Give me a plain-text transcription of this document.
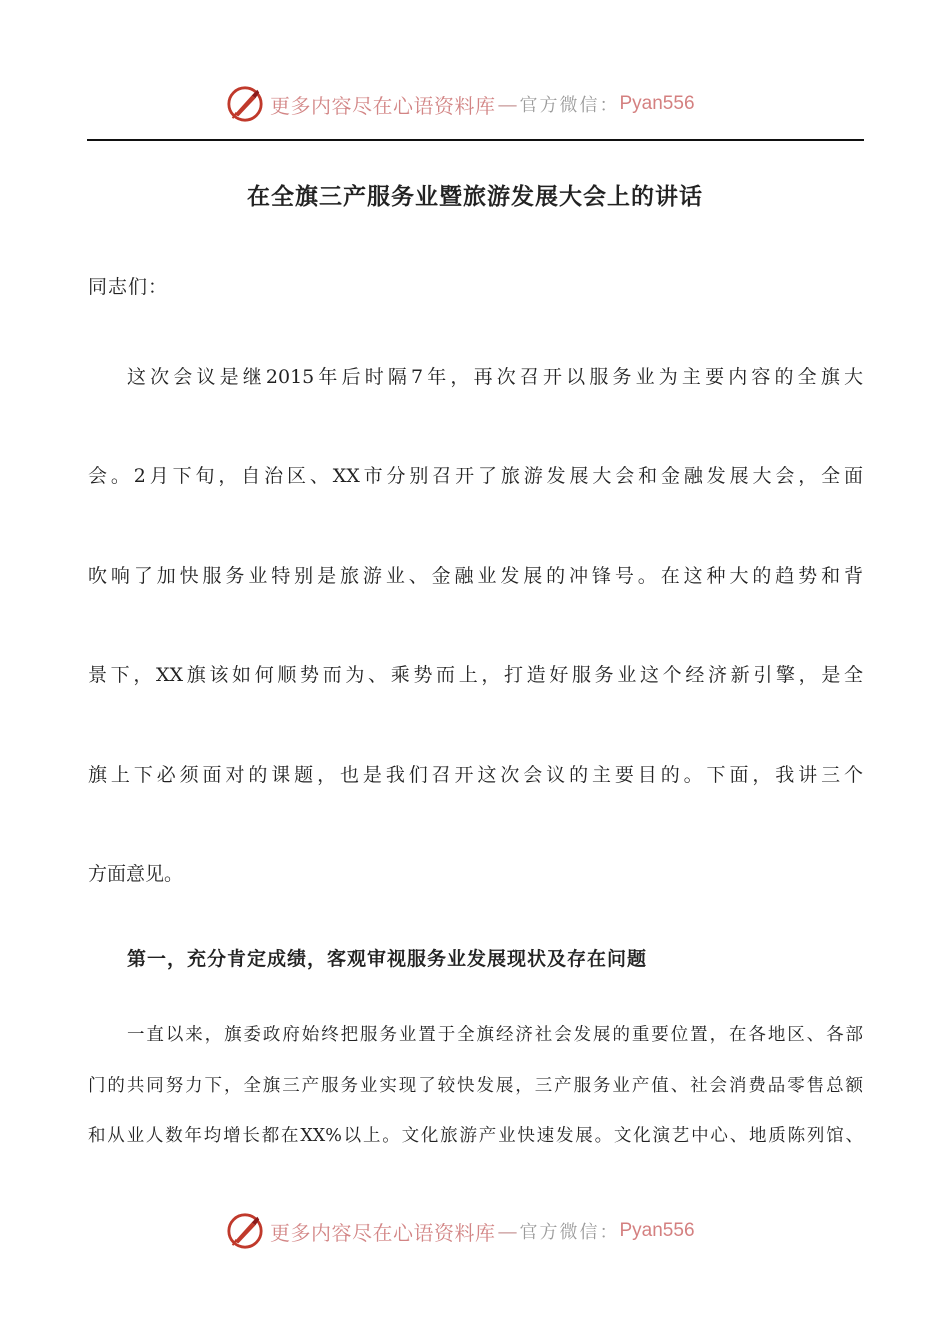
更多内容尽在心语资料库 — 官方微信： Pyan556
在全旗三产服务业暨旅游发展大会上的讲话
同志们：
这次会议是继2015年后时隔7年，再次召开以服务业为主要内容的全旗大
会。2月下旬，自治区、XX市分别召开了旅游发展大会和金融发展大会，全面
吹响了加快服务业特别是旅游业、金融业发展的冲锋号。在这种大的趋势和背
景下，XX旗该如何顺势而为、乘势而上，打造好服务业这个经济新引擎，是全
旗上下必须面对的课题，也是我们召开这次会议的主要目的。下面，我讲三个
方面意见。
第一，充分肯定成绩，客观审视服务业发展现状及存在问题
一直以来，旗委政府始终把服务业置于全旗经济社会发展的重要位置，在各地区、各部
门的共同努力下，全旗三产服务业实现了较快发展，三产服务业产值、社会消费品零售总额
和从业人数年均增长都在XX%以上。文化旅游产业快速发展。文化演艺中心、地质陈列馆、
更多内容尽在心语资料库 — 官方微信： Pyan556
